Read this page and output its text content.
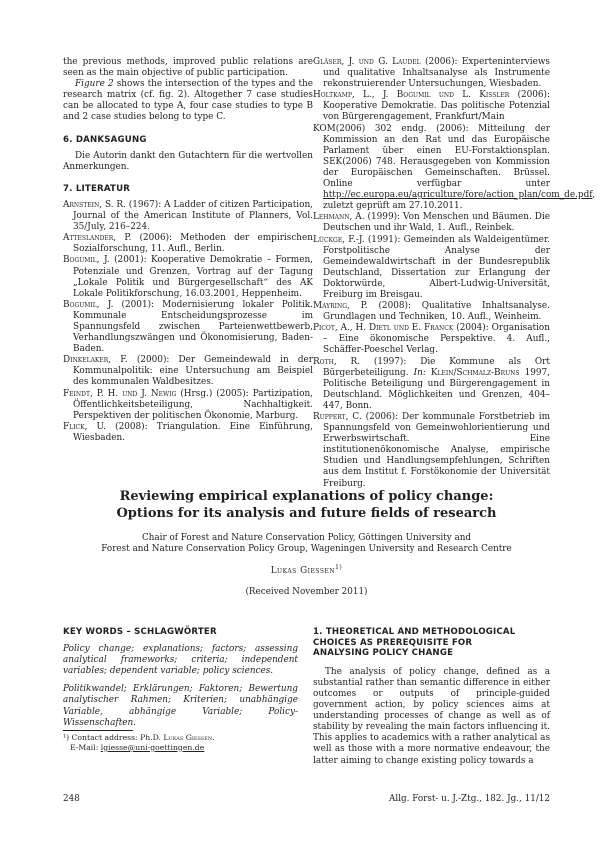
the previous methods, improved public relations are seen as the main objective of public participation.

Figure 2 shows the intersection of the types and the research matrix (cf. fig. 2). Altogether 7 case studies can be allocated to type A, four case studies to type B and 2 case studies belong to type C.

6. DANKSAGUNG

Die Autorin dankt den Gutachtern für die wertvollen Anmerkungen.

7. LITERATUR

Arnstein, S. R. (1967): A Ladder of citizen Participation, Journal of the American Institute of Planners, Vol. 35/July, 216–224.

Atteslander, P. (2006): Methoden der empirischen Sozialforschung, 11. Aufl., Berlin.

Bogumil, J. (2001): Kooperative Demokratie – Formen, Potenziale und Grenzen, Vortrag auf der Tagung „Lokale Politik und Bürgergesellschaft“ des AK Lokale Politikforschung, 16.03.2001, Heppenheim.

Bogumil, J. (2001): Modernisierung lokaler Politik. Kommunale Entscheidungsprozesse im Spannungsfeld zwischen Parteienwettbewerb, Verhandlungszwängen und Ökonomisierung, Baden-Baden.

Dinkelaker, F. (2000): Der Gemeindewald in der Kommunalpolitik: eine Untersuchung am Beispiel des kommunalen Waldbesitzes.

Feindt, P. H. und J. Newig (Hrsg.) (2005): Partizipation, Öffentlichkeitsbeteiligung, Nachhaltigkeit. Perspektiven der politischen Ökonomie, Marburg.

Flick, U. (2008): Triangulation. Eine Einführung, Wiesbaden.

Gläser, J. und G. Laudel (2006): Experteninterviews und qualitative Inhaltsanalyse als Instrumente rekonstruierender Untersuchungen, Wiesbaden.

Holtkamp, L., J. Bogumil und L. Kissler (2006): Kooperative Demokratie. Das politische Potenzial von Bürgerengagement, Frankfurt/Main

KOM(2006) 302 endg. (2006): Mitteilung der Kommission an den Rat und das Europäische Parlament über einen EU-Forstaktionsplan. SEK(2006) 748. Herausgegeben von Kommission der Europäischen Gemeinschaften. Brüssel. Online verfügbar unter http://ec.europa.eu/agriculture/fore/action_plan/com_de.pdf, zuletzt geprüft am 27.10.2011.

Lehmann, A. (1999): Von Menschen und Bäumen. Die Deutschen und ihr Wald, 1. Aufl., Reinbek.

Lückge, F.-J. (1991): Gemeinden als Waldeigentümer. Forstpolitische Analyse der Gemeindewaldwirtschaft in der Bundesrepublik Deutschland, Dissertation zur Erlangung der Doktorwürde, Albert-Ludwig-Universität, Freiburg im Breisgau.

Mayring, P. (2008): Qualitative Inhaltsanalyse. Grundlagen und Techniken, 10. Aufl., Weinheim.

Picot, A., H. Dietl und E. Franck (2004): Organisation – Eine ökonomische Perspektive. 4. Aufl., Schäffer-Poeschel Verlag.

Roth, R. (1997): Die Kommune als Ort Bürgerbeteiligung. In: Klein/Schmalz-Bruns 1997, Politische Beteiligung und Bürgerengagement in Deutschland. Möglichkeiten und Grenzen, 404–447, Bonn.

Ruppert, C. (2006): Der kommunale Forstbetrieb im Spannungsfeld von Gemeinwohlorientierung und Erwerbswirtschaft. Eine institutionenökonomische Analyse, empirische Studien und Handlungsempfehlungen, Schriften aus dem Institut f. Forstökonomie der Universität Freiburg.

Reviewing empirical explanations of policy change:
Options for its analysis and future fields of research

Chair of Forest and Nature Conservation Policy, Göttingen University and
Forest and Nature Conservation Policy Group, Wageningen University and Research Centre

Lukas Giessen$^{1)}$

(Received November 2011)

KEY WORDS – SCHLAGWÖRTER

Policy change; explanations; factors; assessing analytical frameworks; criteria; independent variables; dependent variable; policy sciences.

Politikwandel; Erklärungen; Faktoren; Bewertung analytischer Rahmen; Kriterien; unabhängige Variable, abhängige Variable; Policy-Wissenschaften.

¹) Contact address: Ph.D. Lukas Giessen.

E-Mail: lgiesse@uni-goettingen.de

1. THEORETICAL AND METHODOLOGICAL
CHOICES AS PREREQUISITE FOR
ANALYSING POLICY CHANGE

The analysis of policy change, defined as a substantial rather than semantic difference in either outcomes or outputs of principle-guided government action, by policy sciences aims at understanding processes of change as well as of stability by revealing the main factors influencing it. This applies to academics with a rather analytical as well as those with a more normative endeavour, the latter aiming to change existing policy towards a

248	Allg. Forst- u. J.-Ztg., 182. Jg., 11/12
